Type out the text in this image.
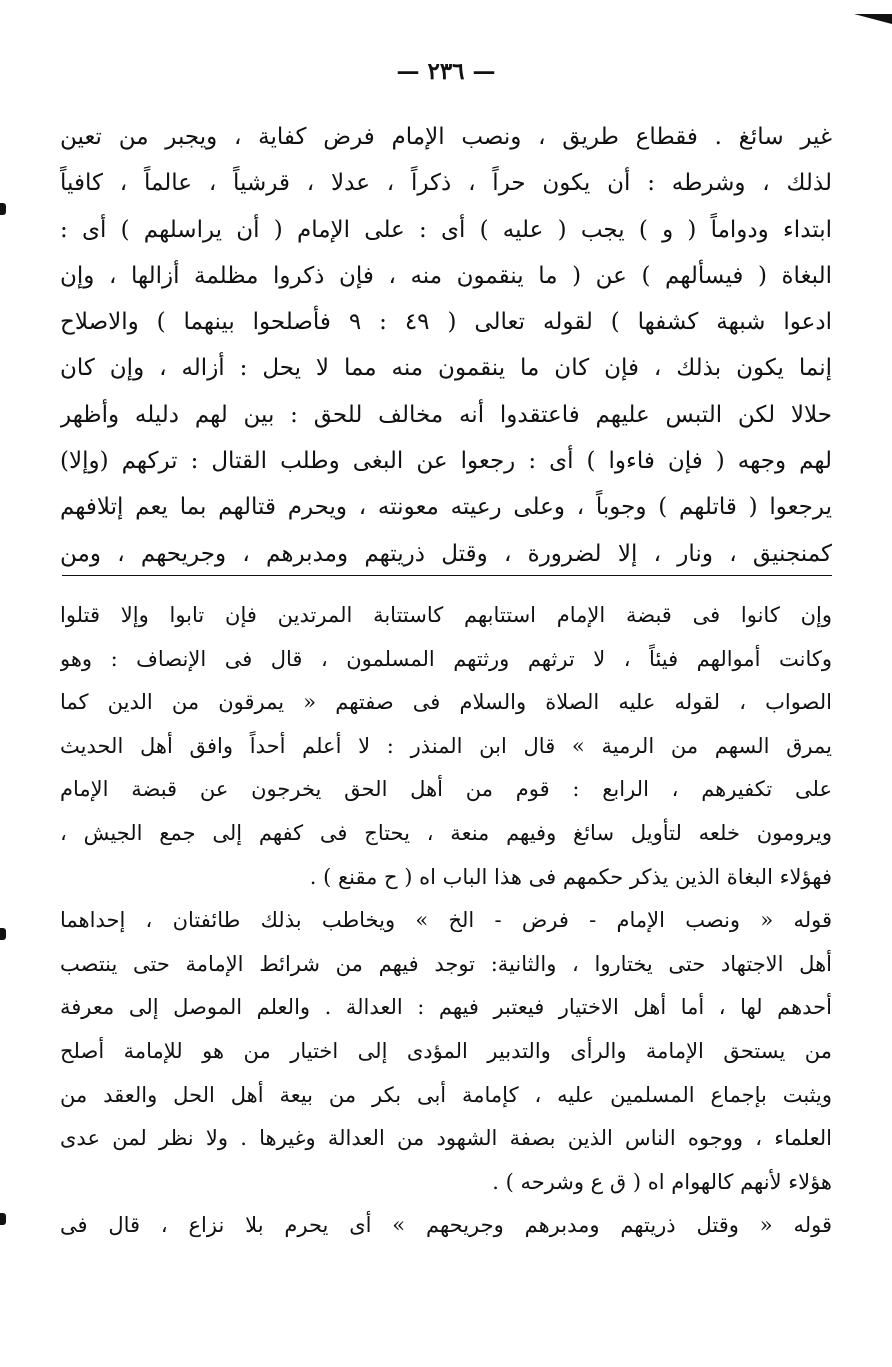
— ٢٣٦ —
غير سائغ . فقطاع طريق ، ونصب الإمام فرض كفاية ، ويجبر من تعين
لذلك ، وشرطه : أن يكون حراً ، ذكراً ، عدلا ، قرشياً ، عالماً ، كافياً
ابتداء ودواماً ( و ) يجب ( عليه ) أى : على الإمام ( أن يراسلهم ) أى :
البغاة ( فيسألهم ) عن ( ما ينقمون منه ، فإن ذكروا مظلمة أزالها ، وإن
ادعوا شبهة كشفها ) لقوله تعالى ( ٤٩ : ٩ فأصلحوا بينهما ) والاصلاح
إنما يكون بذلك ، فإن كان ما ينقمون منه مما لا يحل : أزاله ، وإن كان
حلالا لكن التبس عليهم فاعتقدوا أنه مخالف للحق : بين لهم دليله وأظهر
لهم وجهه ( فإن فاءوا ) أى : رجعوا عن البغى وطلب القتال : تركهم (وإلا)
يرجعوا ( قاتلهم ) وجوباً ، وعلى رعيته معونته ، ويحرم قتالهم بما يعم إتلافهم
كمنجنيق ، ونار ، إلا لضرورة ، وقتل ذريتهم ومدبرهم ، وجريحهم ، ومن
وإن كانوا فى قبضة الإمام استتابهم كاستتابة المرتدين فإن تابوا وإلا قتلوا
وكانت أموالهم فيئاً ، لا ترثهم ورثتهم المسلمون ، قال فى الإنصاف : وهو
الصواب ، لقوله عليه الصلاة والسلام فى صفتهم « يمرقون من الدين كما
يمرق السهم من الرمية » قال ابن المنذر : لا أعلم أحداً وافق أهل الحديث
على تكفيرهم ، الرابع : قوم من أهل الحق يخرجون عن قبضة الإمام
ويرومون خلعه لتأويل سائغ وفيهم منعة ، يحتاج فى كفهم إلى جمع الجيش ،
فهؤلاء البغاة الذين يذكر حكمهم فى هذا الباب اه ( ح مقنع ) .
قوله « ونصب الإمام - فرض - الخ » ويخاطب بذلك طائفتان ، إحداهما
أهل الاجتهاد حتى يختاروا ، والثانية: توجد فيهم من شرائط الإمامة حتى ينتصب
أحدهم لها ، أما أهل الاختيار فيعتبر فيهم : العدالة . والعلم الموصل إلى معرفة
من يستحق الإمامة والرأى والتدبير المؤدى إلى اختيار من هو للإمامة أصلح
ويثبت بإجماع المسلمين عليه ، كإمامة أبى بكر من بيعة أهل الحل والعقد من
العلماء ، ووجوه الناس الذين بصفة الشهود من العدالة وغيرها . ولا نظر لمن عدى
هؤلاء لأنهم كالهوام اه ( ق ع وشرحه ) .
قوله « وقتل ذريتهم ومدبرهم وجريحهم » أى يحرم بلا نزاع ، قال فى
